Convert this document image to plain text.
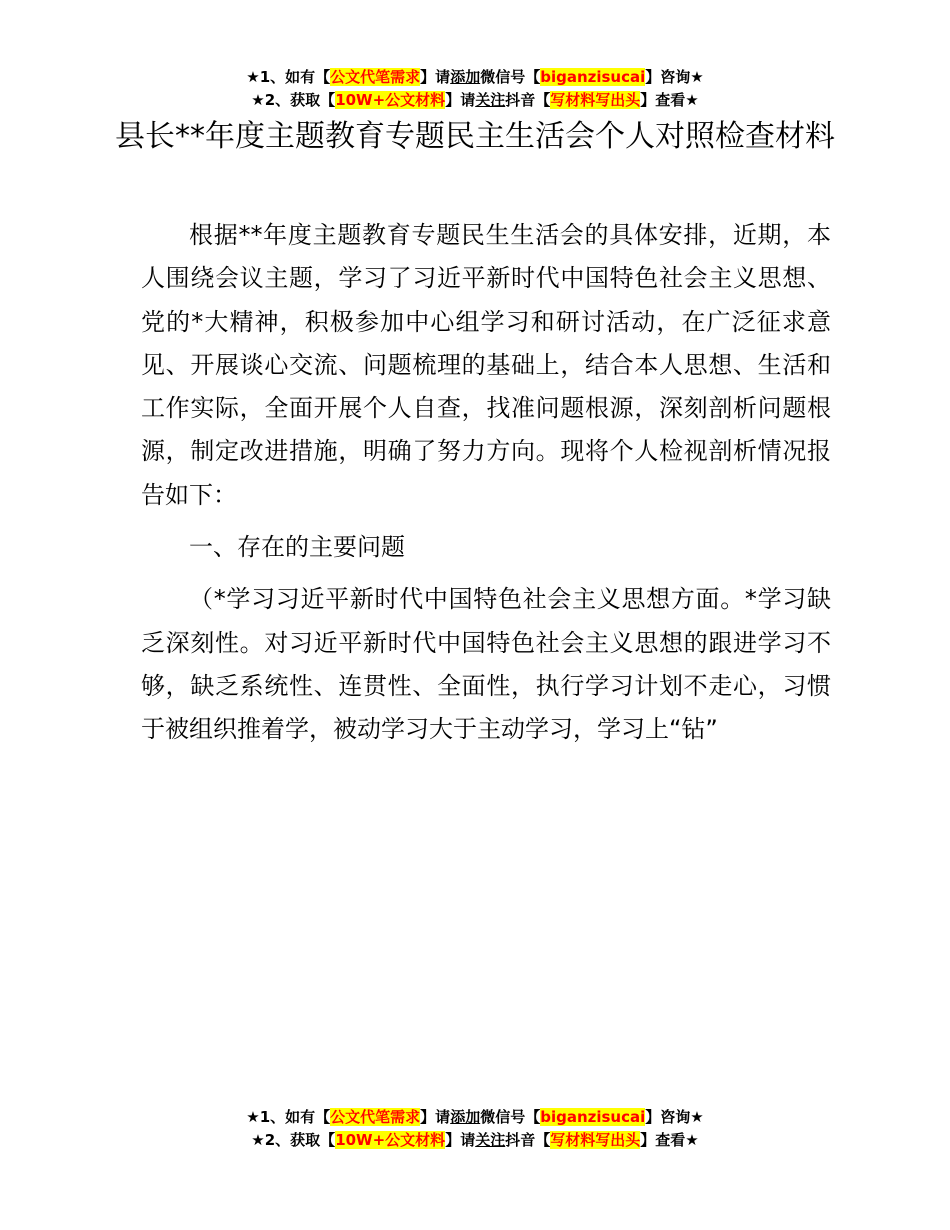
★1、如有【公文代笔需求】请添加微信号【biganzisucai】咨询★
★2、获取【10W+公文材料】请关注抖音【写材料写出头】查看★
县长**年度主题教育专题民主生活会个人对照检查材料

根据**年度主题教育专题民生生活会的具体安排，近期，本人围绕会议主题，学习了习近平新时代中国特色社会主义思想、党的*大精神，积极参加中心组学习和研讨活动，在广泛征求意见、开展谈心交流、问题梳理的基础上，结合本人思想、生活和工作实际，全面开展个人自查，找准问题根源，深刻剖析问题根源，制定改进措施，明确了努力方向。现将个人检视剖析情况报告如下：

一、存在的主要问题

（*学习习近平新时代中国特色社会主义思想方面。*学习缺乏深刻性。对习近平新时代中国特色社会主义思想的跟进学习不够，缺乏系统性、连贯性、全面性，执行学习计划不走心，习惯于被组织推着学，被动学习大于主动学习，学习上“钻”

★1、如有【公文代笔需求】请添加微信号【biganzisucai】咨询★
★2、获取【10W+公文材料】请关注抖音【写材料写出头】查看★
